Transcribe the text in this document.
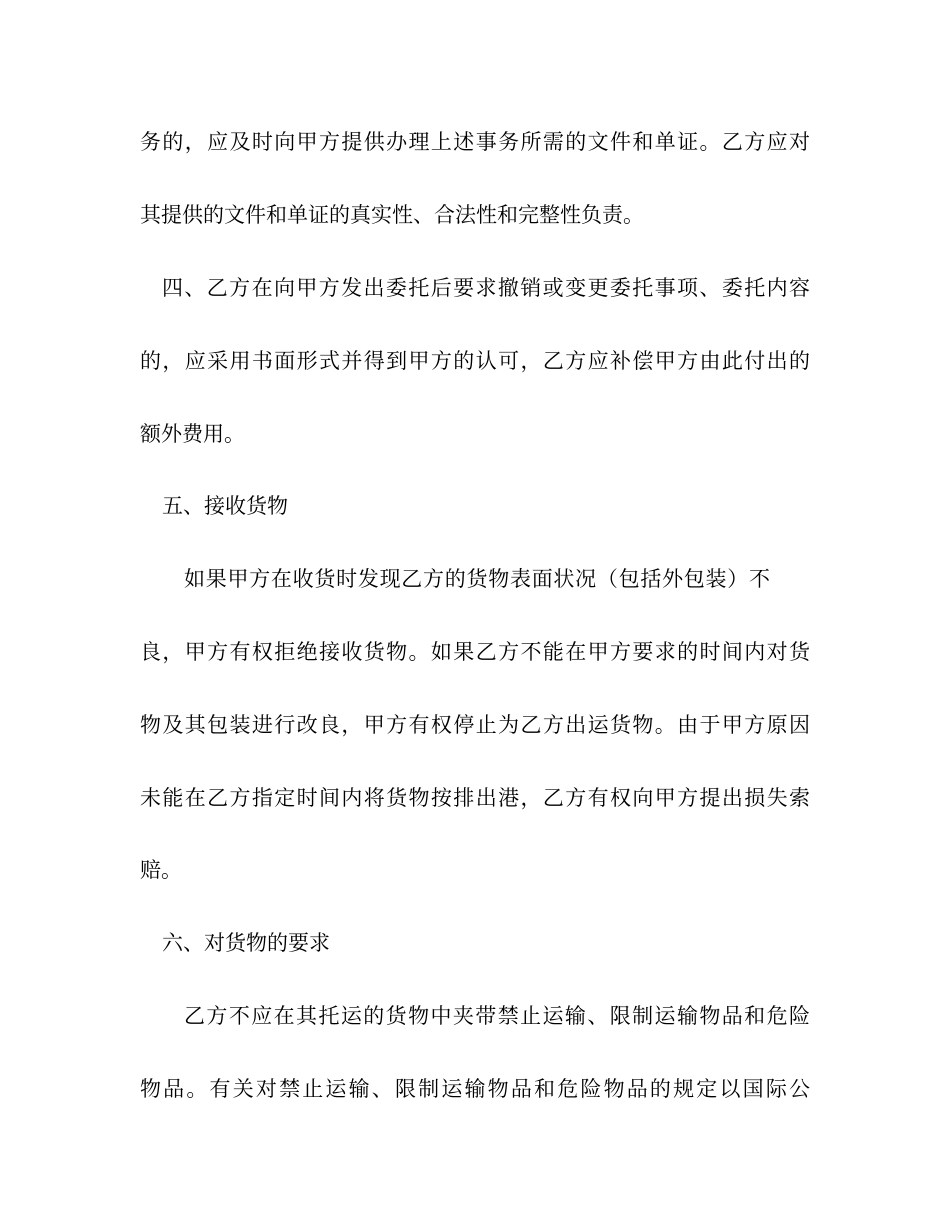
务的，应及时向甲方提供办理上述事务所需的文件和单证。乙方应对
其提供的文件和单证的真实性、合法性和完整性负责。
四、乙方在向甲方发出委托后要求撤销或变更委托事项、委托内容
的，应采用书面形式并得到甲方的认可，乙方应补偿甲方由此付出的
额外费用。
五、接收货物
如果甲方在收货时发现乙方的货物表面状况（包括外包装）不
良，甲方有权拒绝接收货物。如果乙方不能在甲方要求的时间内对货
物及其包装进行改良，甲方有权停止为乙方出运货物。由于甲方原因
未能在乙方指定时间内将货物按排出港，乙方有权向甲方提出损失索
赔。
六、对货物的要求
乙方不应在其托运的货物中夹带禁止运输、限制运输物品和危险
物品。有关对禁止运输、限制运输物品和危险物品的规定以国际公
